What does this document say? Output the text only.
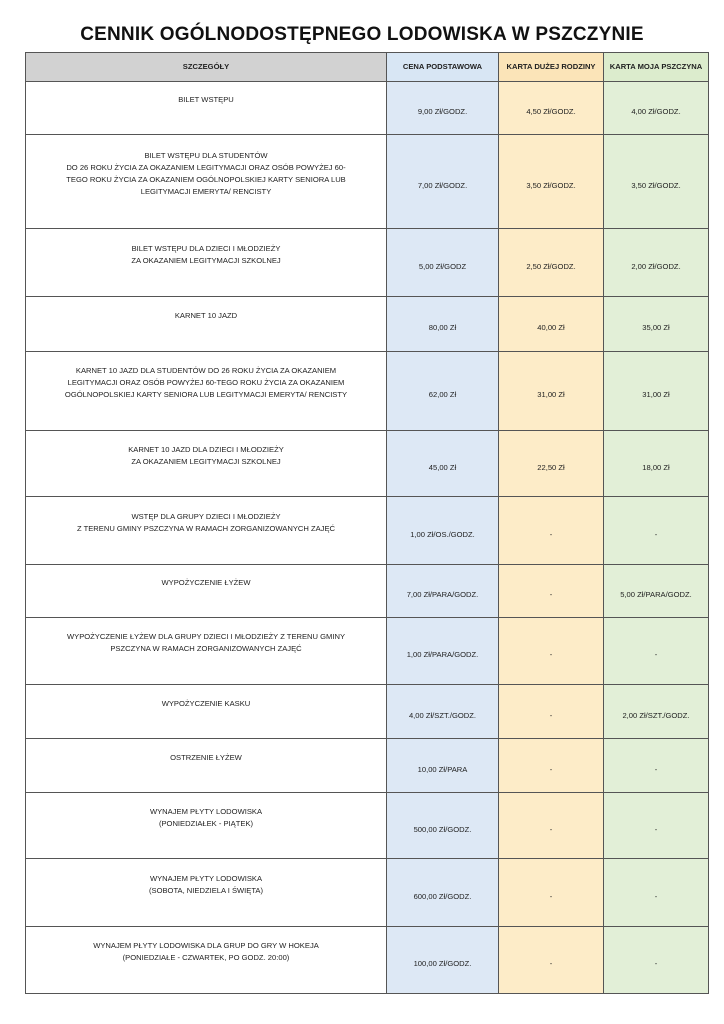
CENNIK OGÓLNODOSTĘPNEGO LODOWISKA W PSZCZYNIE
SZCZEGÓŁY	CENA PODSTAWOWA	KARTA DUŻEJ RODZINY	KARTA MOJA PSZCZYNA

BILET WSTĘPU	9,00 Zł/GODZ.	4,50 Zł/GODZ.	4,00 Zł/GODZ.

BILET WSTĘPU DLA STUDENTÓW
DO 26 ROKU ŻYCIA ZA OKAZANIEM LEGITYMACJI ORAZ OSÓB POWYŻEJ 60-
TEGO ROKU ŻYCIA ZA OKAZANIEM OGÓLNOPOLSKIEJ KARTY SENIORA LUB
LEGITYMACJI EMERYTA/ RENCISTY	7,00 Zł/GODZ.	3,50 Zł/GODZ.	3,50 Zł/GODZ.

BILET WSTĘPU DLA DZIECI I MŁODZIEŻY
ZA OKAZANIEM LEGITYMACJI SZKOLNEJ	5,00 Zł/GODZ	2,50 Zł/GODZ.	2,00 Zł/GODZ.

KARNET 10 JAZD	80,00 Zł	40,00 Zł	35,00 Zł

KARNET 10 JAZD DLA STUDENTÓW DO 26 ROKU ŻYCIA ZA OKAZANIEM
LEGITYMACJI ORAZ OSÓB POWYŻEJ 60-TEGO ROKU ŻYCIA ZA OKAZANIEM
OGÓLNOPOLSKIEJ KARTY SENIORA LUB LEGITYMACJI EMERYTA/ RENCISTY	62,00 Zł	31,00 Zł	31,00 Zł

KARNET 10 JAZD DLA DZIECI I MŁODZIEŻY
ZA OKAZANIEM LEGITYMACJI SZKOLNEJ	45,00 Zł	22,50 Zł	18,00 Zł

WSTĘP DLA GRUPY DZIECI I MŁODZIEŻY
Z TERENU GMINY PSZCZYNA W RAMACH ZORGANIZOWANYCH ZAJĘĆ	1,00 Zł/OS./GODZ.	-	-

WYPOŻYCZENIE ŁYŻEW	7,00 Zł/PARA/GODZ.	-	5,00 Zł/PARA/GODZ.

WYPOŻYCZENIE ŁYŻEW DLA GRUPY DZIECI I MŁODZIEŻY Z TERENU GMINY
PSZCZYNA W RAMACH ZORGANIZOWANYCH ZAJĘĆ	1,00 Zł/PARA/GODZ.	-	-

WYPOŻYCZENIE KASKU	4,00 Zł/SZT./GODZ.	-	2,00 Zł/SZT./GODZ.

OSTRZENIE ŁYŻEW	10,00 Zł/PARA	-	-

WYNAJEM PŁYTY LODOWISKA
(PONIEDZIAŁEK - PIĄTEK)	500,00 Zł/GODZ.	-	-

WYNAJEM PŁYTY LODOWISKA
(SOBOTA, NIEDZIELA I ŚWIĘTA)	600,00 Zł/GODZ.	-	-

WYNAJEM PŁYTY LODOWISKA DLA GRUP DO GRY W HOKEJA
(PONIEDZIAŁE - CZWARTEK, PO GODZ. 20:00)	100,00 Zł/GODZ.	-	-
